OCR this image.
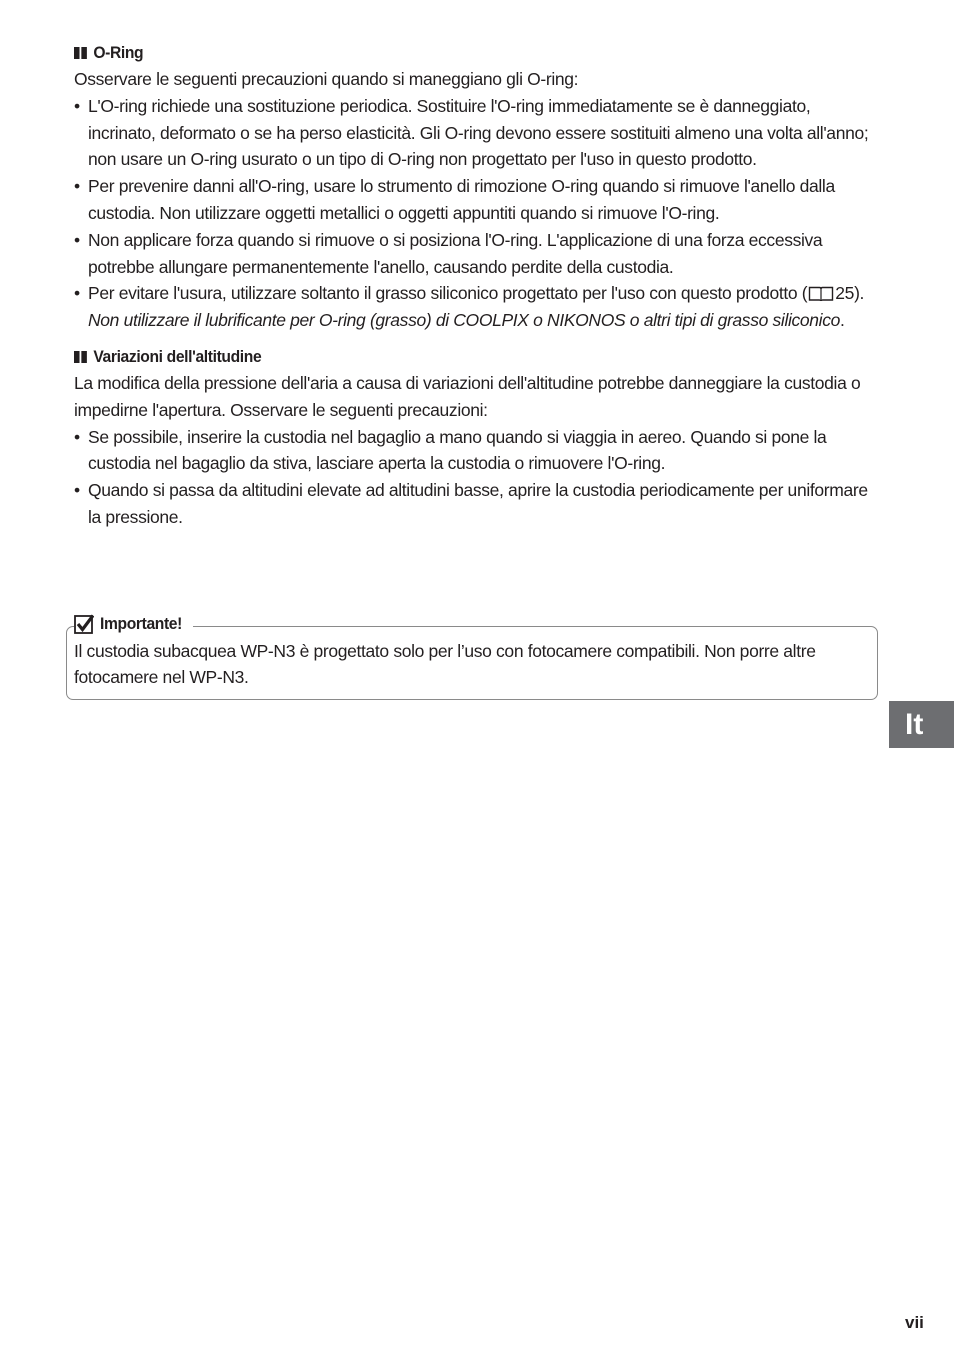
O-Ring

Osservare le seguenti precauzioni quando si maneggiano gli O-ring:

• L'O-ring richiede una sostituzione periodica. Sostituire l'O-ring immediatamente se è danneggiato, incrinato, deformato o se ha perso elasticità. Gli O-ring devono essere sostituiti almeno una volta all'anno; non usare un O-ring usurato o un tipo di O-ring non progettato per l'uso in questo prodotto.
• Per prevenire danni all'O-ring, usare lo strumento di rimozione O-ring quando si rimuove l'anello dalla custodia. Non utilizzare oggetti metallici o oggetti appuntiti quando si rimuove l'O-ring.
• Non applicare forza quando si rimuove o si posiziona l'O-ring. L'applicazione di una forza eccessiva potrebbe allungare permanentemente l'anello, causando perdite della custodia.
• Per evitare l'usura, utilizzare soltanto il grasso siliconico progettato per l'uso con questo prodotto ( 25). Non utilizzare il lubrificante per O-ring (grasso) di COOLPIX o NIKONOS o altri tipi di grasso siliconico.
Variazioni dell'altitudine

La modifica della pressione dell'aria a causa di variazioni dell'altitudine potrebbe danneggiare la custodia o impedirne l'apertura. Osservare le seguenti precauzioni:

• Se possibile, inserire la custodia nel bagaglio a mano quando si viaggia in aereo. Quando si pone la custodia nel bagaglio da stiva, lasciare aperta la custodia o rimuovere l'O-ring.
• Quando si passa da altitudini elevate ad altitudini basse, aprire la custodia periodicamente per uniformare la pressione.
Importante!
Il custodia subacquea WP-N3 è progettato solo per l’uso con fotocamere compatibili. Non porre altre fotocamere nel WP-N3.
It
vii
